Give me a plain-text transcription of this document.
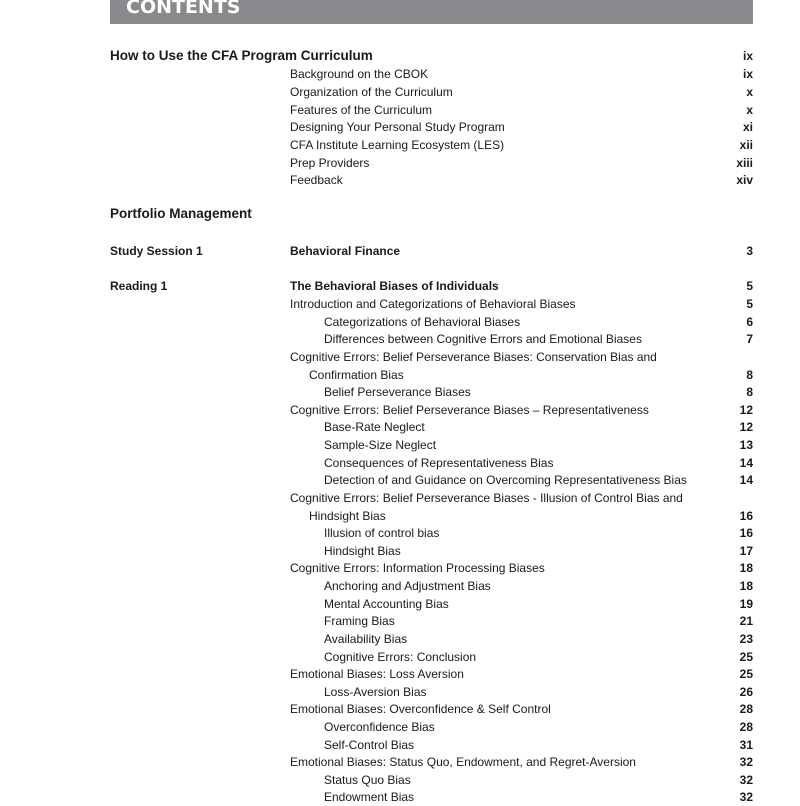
CONTENTS
How to Use the CFA Program Curriculum	ix
Background on the CBOK	ix
Organization of the Curriculum	x
Features of the Curriculum	x
Designing Your Personal Study Program	xi
CFA Institute Learning Ecosystem (LES)	xii
Prep Providers	xiii
Feedback	xiv
Portfolio Management
Study Session 1	Behavioral Finance	3
Reading 1	The Behavioral Biases of Individuals	5
Introduction and Categorizations of Behavioral Biases	5
Categorizations of Behavioral Biases	6
Differences between Cognitive Errors and Emotional Biases	7
Cognitive Errors: Belief Perseverance Biases: Conservation Bias and
Confirmation Bias	8
Belief Perseverance Biases	8
Cognitive Errors: Belief Perseverance Biases – Representativeness	12
Base-Rate Neglect	12
Sample-Size Neglect	13
Consequences of Representativeness Bias	14
Detection of and Guidance on Overcoming Representativeness Bias	14
Cognitive Errors: Belief Perseverance Biases - Illusion of Control Bias and
Hindsight Bias	16
Illusion of control bias	16
Hindsight Bias	17
Cognitive Errors: Information Processing Biases	18
Anchoring and Adjustment Bias	18
Mental Accounting Bias	19
Framing Bias	21
Availability Bias	23
Cognitive Errors: Conclusion	25
Emotional Biases: Loss Aversion	25
Loss-Aversion Bias	26
Emotional Biases: Overconfidence & Self Control	28
Overconfidence Bias	28
Self-Control Bias	31
Emotional Biases: Status Quo, Endowment, and Regret-Aversion	32
Status Quo Bias	32
Endowment Bias	32
